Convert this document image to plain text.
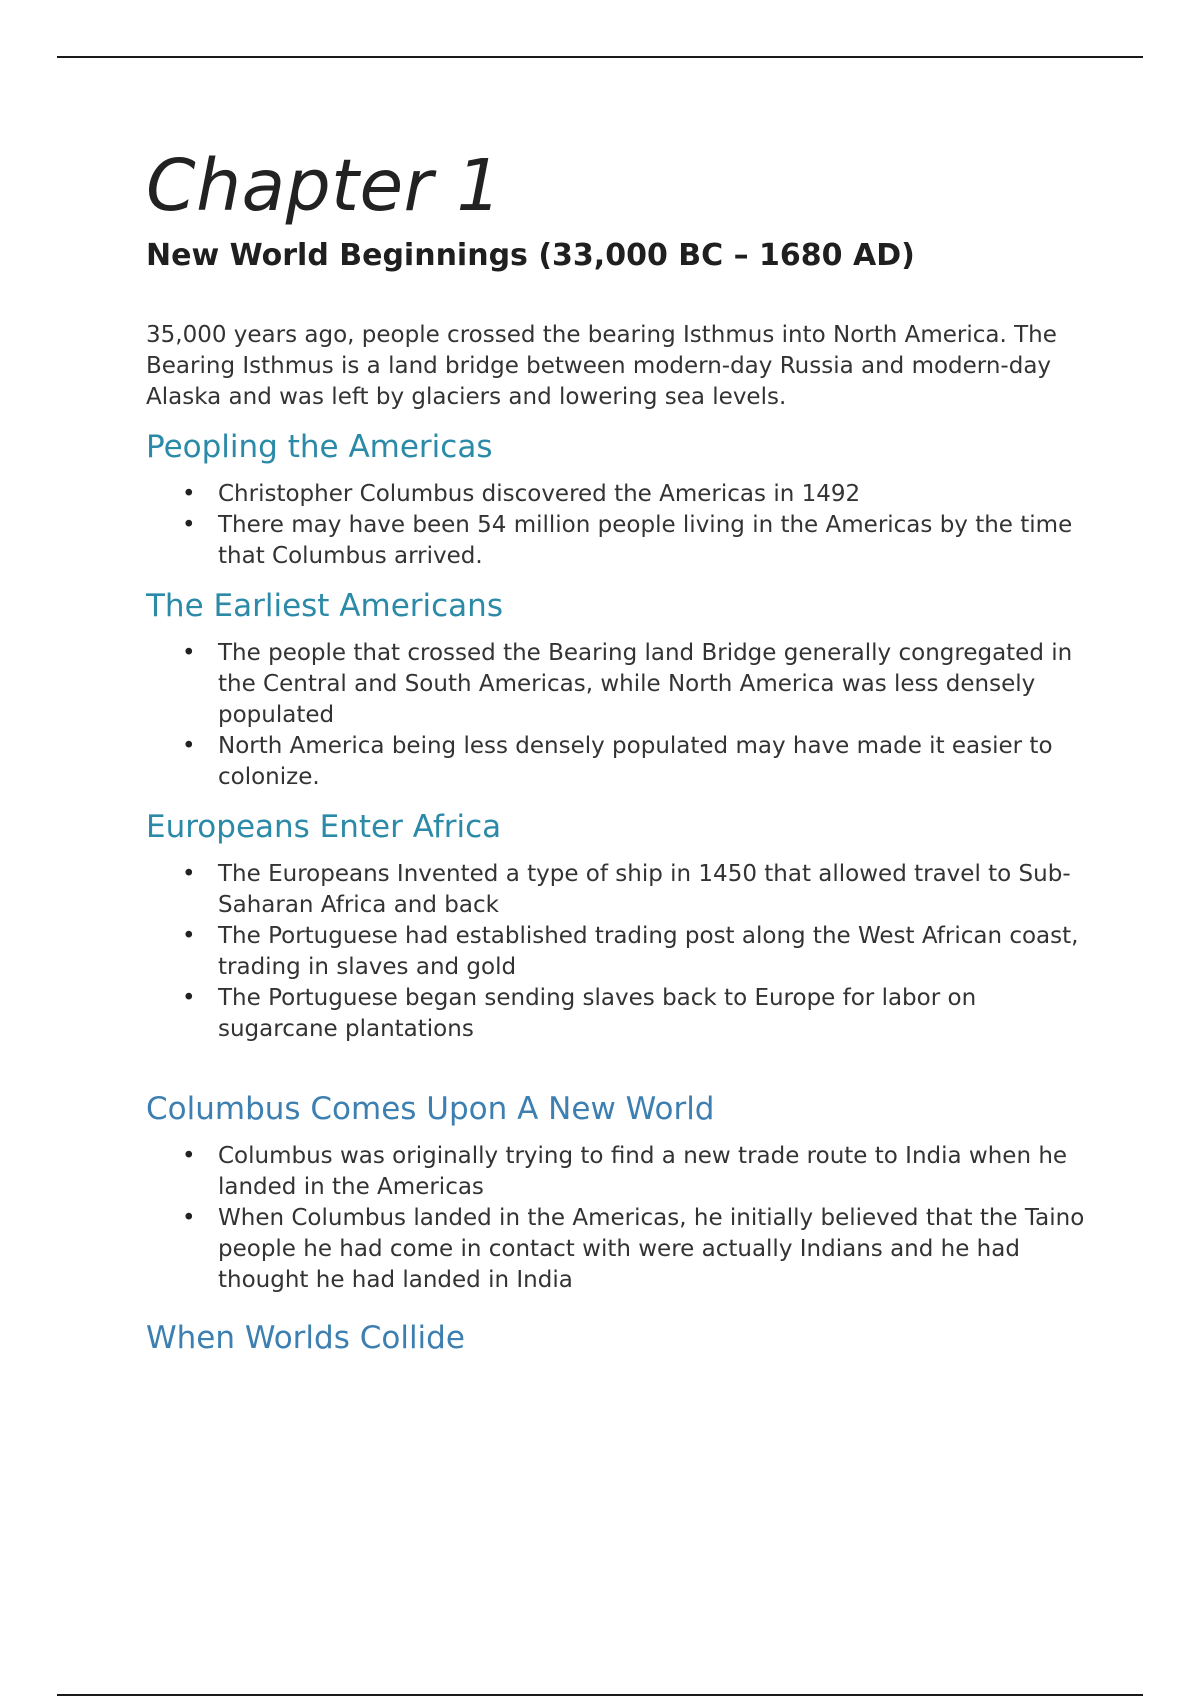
Chapter 1
New World Beginnings (33,000 BC – 1680 AD)

35,000 years ago, people crossed the bearing Isthmus into North America. The Bearing Isthmus is a land bridge between modern-day Russia and modern-day Alaska and was left by glaciers and lowering sea levels.

Peopling the Americas
• Christopher Columbus discovered the Americas in 1492
• There may have been 54 million people living in the Americas by the time that Columbus arrived.
The Earliest Americans
• The people that crossed the Bearing land Bridge generally congregated in the Central and South Americas, while North America was less densely populated
• North America being less densely populated may have made it easier to colonize.
Europeans Enter Africa
• The Europeans Invented a type of ship in 1450 that allowed travel to Sub-Saharan Africa and back
• The Portuguese had established trading post along the West African coast, trading in slaves and gold
• The Portuguese began sending slaves back to Europe for labor on sugarcane plantations
Columbus Comes Upon A New World
• Columbus was originally trying to find a new trade route to India when he landed in the Americas
• When Columbus landed in the Americas, he initially believed that the Taino people he had come in contact with were actually Indians and he had thought he had landed in India
When Worlds Collide
